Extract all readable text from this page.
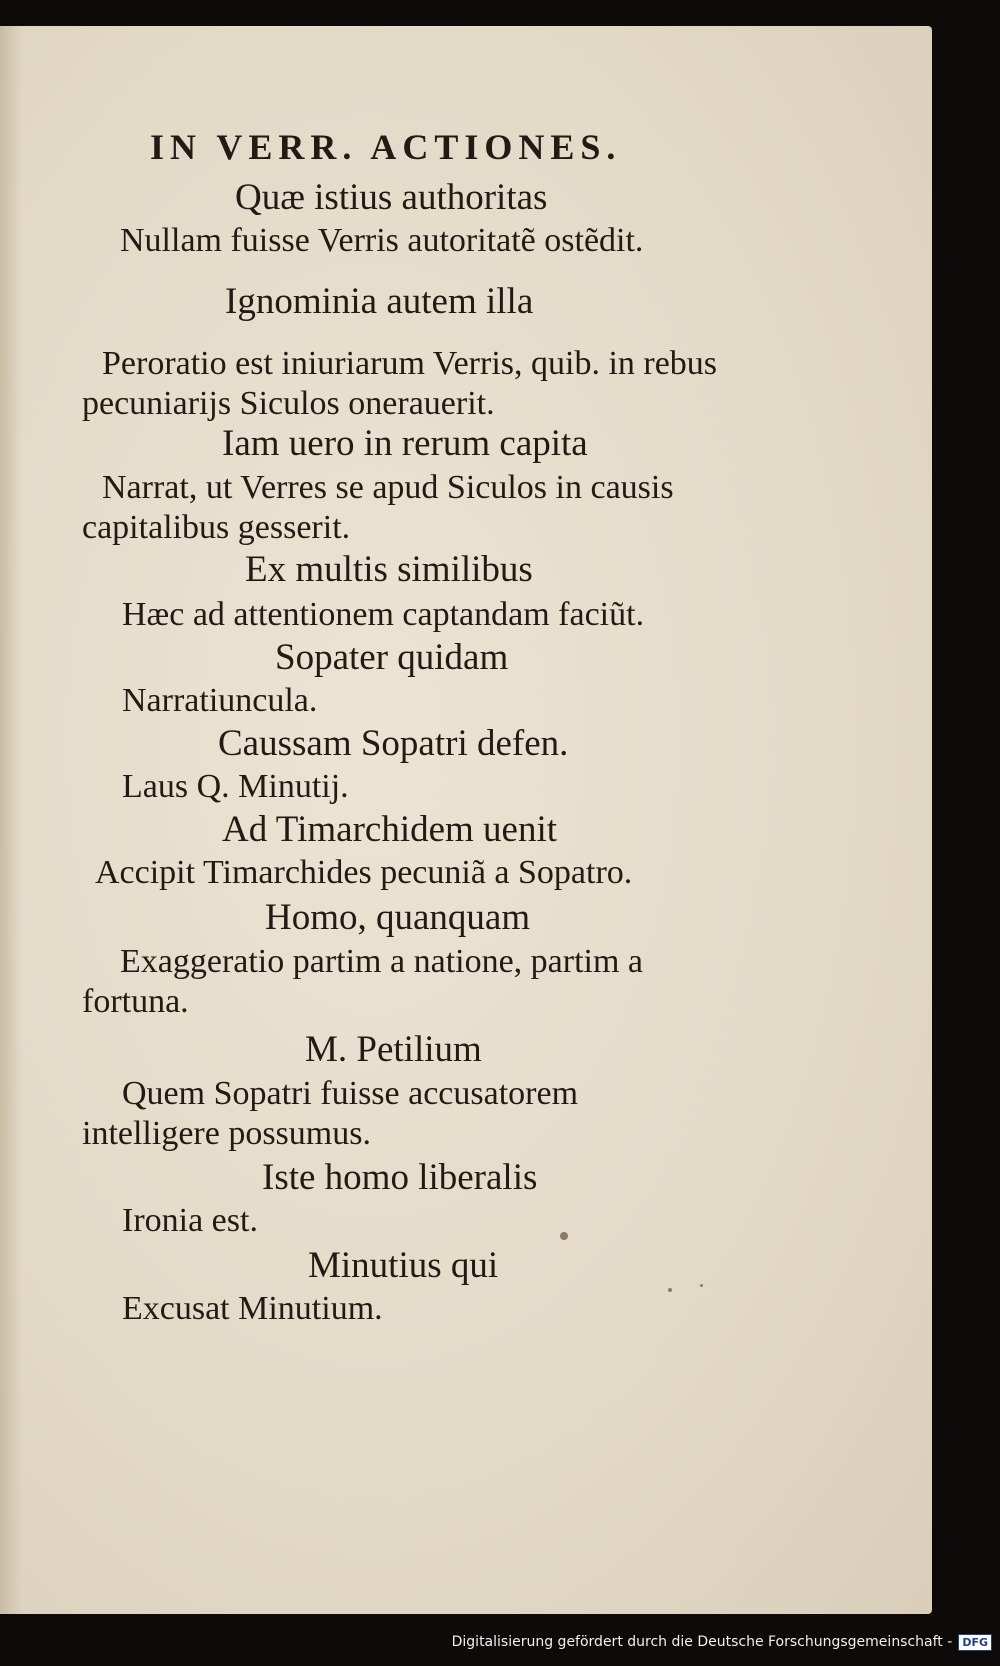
IN VERR. ACTIONES.
Quæ istius authoritas
Nullam fuisse Verris autoritatẽ ostẽdit.
Ignominia autem illa
Peroratio est iniuriarum Verris, quib. in rebus pecuniarijs Siculos onerauerit.
Iam uero in rerum capita
Narrat, ut Verres se apud Siculos in causis capitalibus gesserit.
Ex multis similibus
Hæc ad attentionem captandam faciũt.
Sopater quidam
Narratiuncula.
Caussam Sopatri defen.
Laus Q. Minutij.
Ad Timarchidem uenit
Accipit Timarchides pecuniã a Sopatro.
Homo, quanquam
Exaggeratio partim a natione, partim a fortuna.
M. Petilium
Quem Sopatri fuisse accusatorem intelligere possumus.
Iste homo liberalis
Ironia est.
Minutius qui
Excusat Minutium.
Digitalisierung gefördert durch die Deutsche Forschungsgemeinschaft - DFG
